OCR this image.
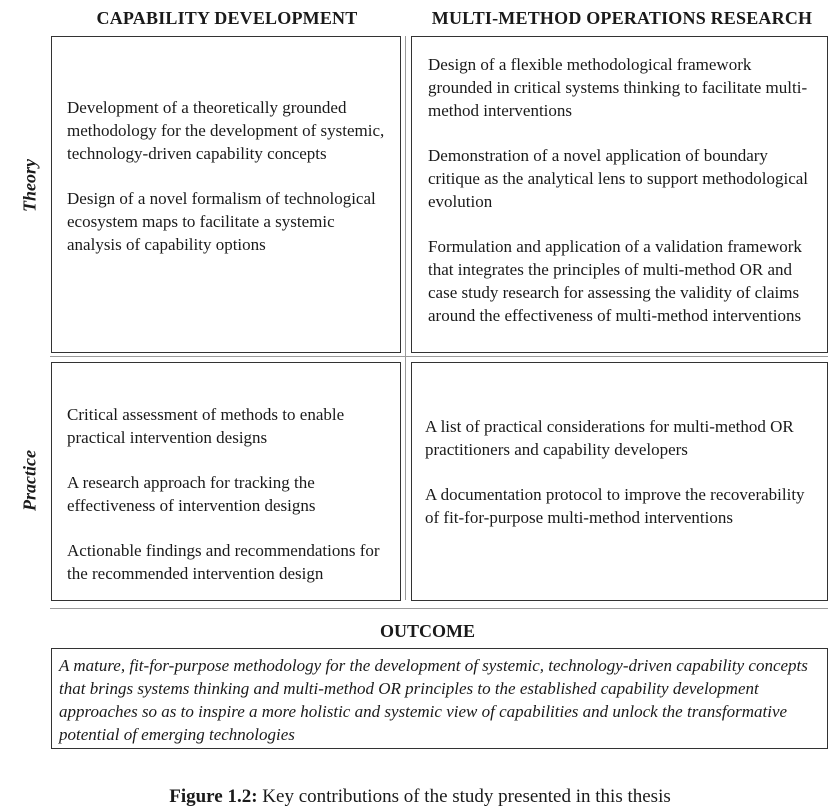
CAPABILITY DEVELOPMENT	MULTI-METHOD OPERATIONS RESEARCH
Theory
Practice

Development of a theoretically grounded methodology for the development of systemic, technology-driven capability concepts

Design of a novel formalism of technological ecosystem maps to facilitate a systemic analysis of capability options

Design of a flexible methodological framework grounded in critical systems thinking to facilitate multi-method interventions

Demonstration of a novel application of boundary critique as the analytical lens to support methodological evolution

Formulation and application of a validation framework that integrates the principles of multi-method OR and case study research for assessing the validity of claims around the effectiveness of multi-method interventions

Critical assessment of methods to enable practical intervention designs

A research approach for tracking the effectiveness of intervention designs

Actionable findings and recommendations for the recommended intervention design

A list of practical considerations for multi-method OR practitioners and capability developers

A documentation protocol to improve the recoverability of fit-for-purpose multi-method interventions

OUTCOME
A mature, fit-for-purpose methodology for the development of systemic, technology-driven capability concepts that brings systems thinking and multi-method OR principles to the established capability development approaches so as to inspire a more holistic and systemic view of capabilities and unlock the transformative potential of emerging technologies
Figure 1.2: Key contributions of the study presented in this thesis
